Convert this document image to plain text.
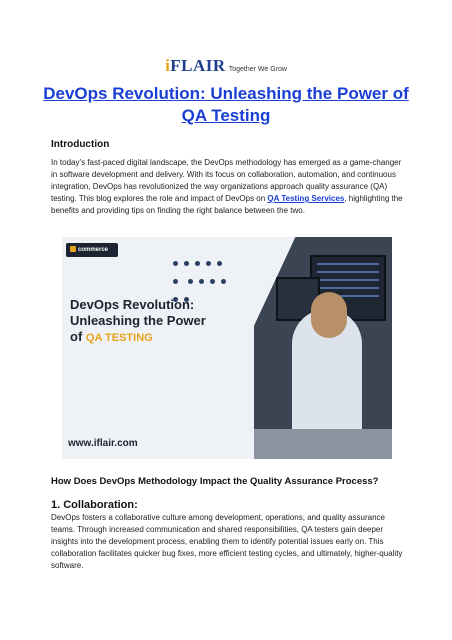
iFLAIR Together We Grow
DevOps Revolution: Unleashing the Power of QA Testing
Introduction
In today’s fast-paced digital landscape, the DevOps methodology has emerged as a game-changer in software development and delivery. With its focus on collaboration, automation, and continuous integration, DevOps has revolutionized the way organizations approach quality assurance (QA) testing. This blog explores the role and impact of DevOps on QA Testing Services, highlighting the benefits and providing tips on finding the right balance between the two.
commerce

DevOps Revolution:
Unleashing the Power
of QA TESTING
www.iflair.com
How Does DevOps Methodology Impact the Quality Assurance Process?
1. Collaboration:
DevOps fosters a collaborative culture among development, operations, and quality assurance teams. Through increased communication and shared responsibilities, QA testers gain deeper insights into the development process, enabling them to identify potential issues early on. This collaboration facilitates quicker bug fixes, more efficient testing cycles, and ultimately, higher-quality software.
